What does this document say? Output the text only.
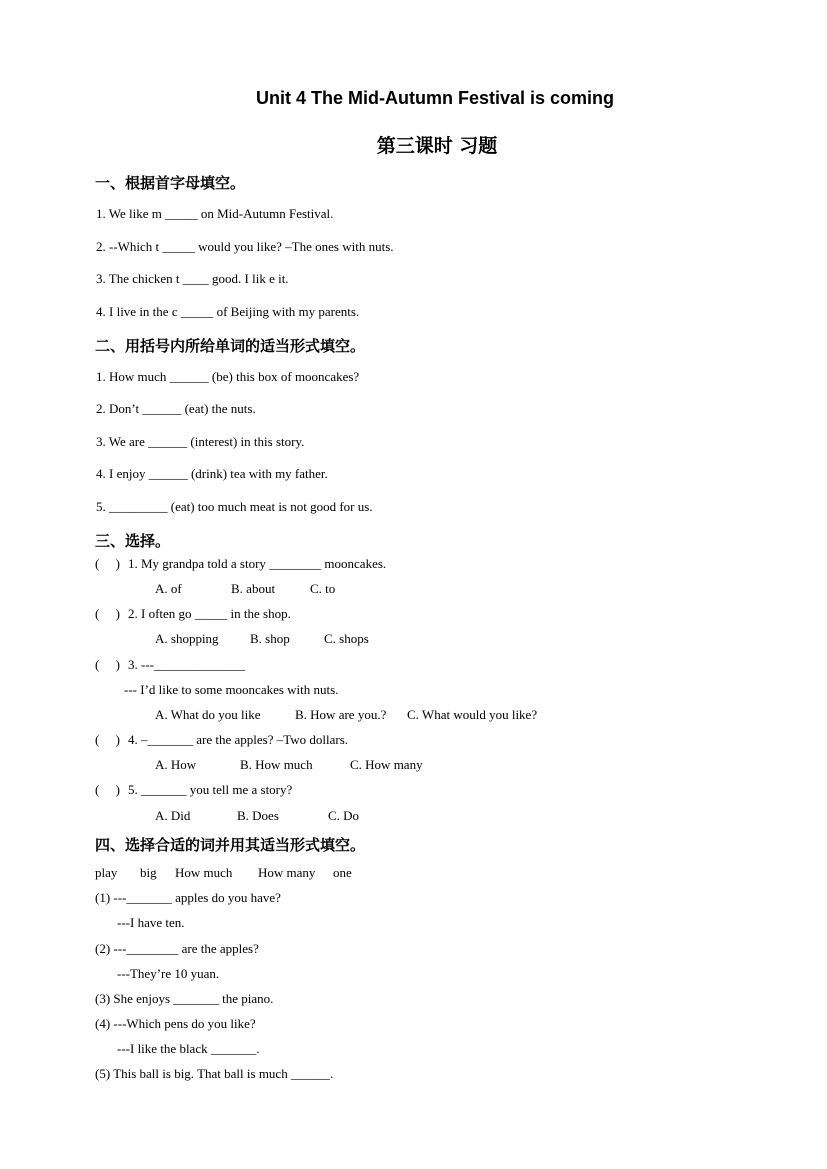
Unit 4 The Mid-Autumn Festival is coming
第三课时 习题
一、根据首字母填空。
1. We like m _____ on Mid-Autumn Festival.
2. --Which t _____ would you like? –The ones with nuts.
3. The chicken t ____ good. I lik e it.
4. I live in the c _____ of Beijing with my parents.
二、用括号内所给单词的适当形式填空。
1. How much ______ (be) this box of mooncakes?
2. Don’t ______ (eat) the nuts.
3. We are ______ (interest) in this story.
4. I enjoy ______ (drink) tea with my father.
5. _________ (eat) too much meat is not good for us.
三、选择。
(     ) 1. My grandpa told a story ________ mooncakes.
A. of	B. about	C. to
(     ) 2. I often go _____ in the shop.
A. shopping B. shop	C. shops
(     ) 3. ---______________
--- I’d like to some mooncakes with nuts.
A. What do you like	B. How are you.? C. What would you like?
(     ) 4. –_______ are the apples? –Two dollars.
A. How	B. How much	C. How many
(     ) 5. _______ you tell me a story?
A. Did	B. Does	C. Do
四、选择合适的词并用其适当形式填空。
play big How much How many one
(1) ---_______ apples do you have?
---I have ten.
(2) ---________ are the apples?
---They’re 10 yuan.
(3) She enjoys _______ the piano.
(4) ---Which pens do you like?
---I like the black _______.
(5) This ball is big. That ball is much ______.
